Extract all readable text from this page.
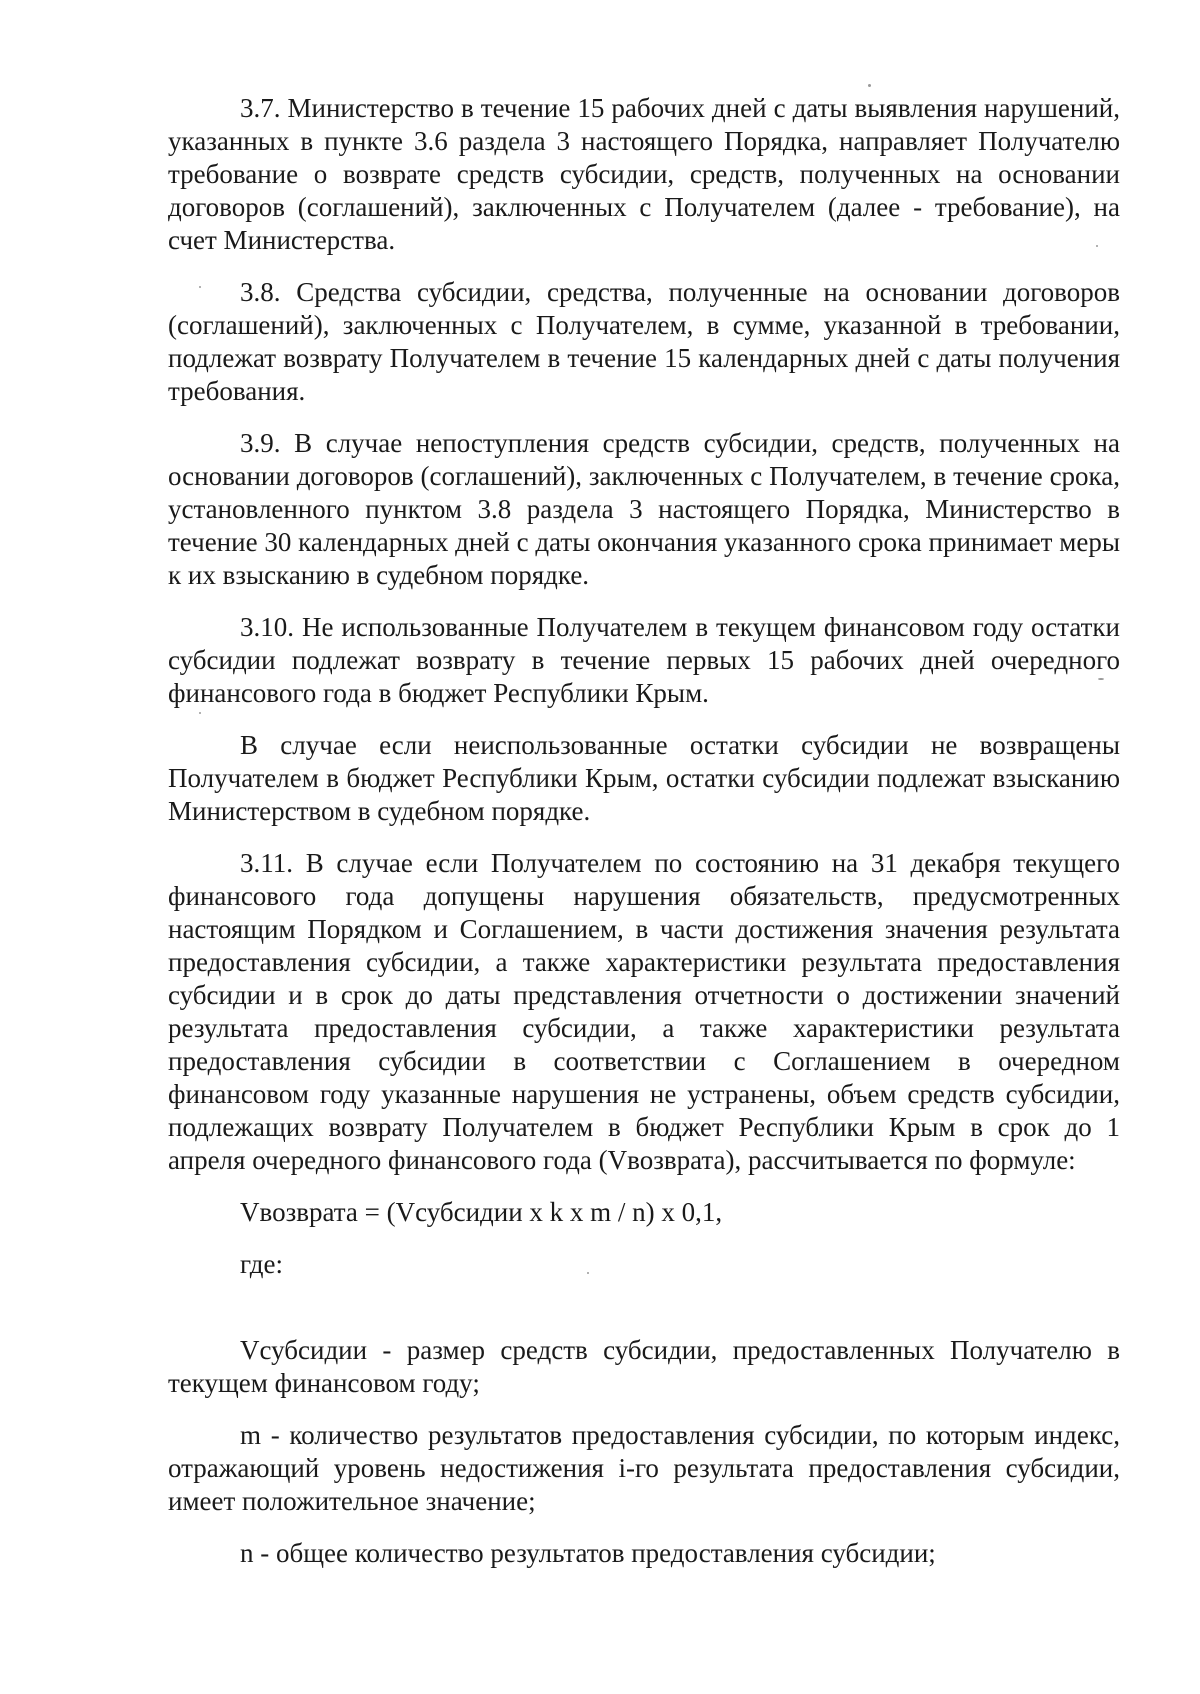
3.7. Министерство в течение 15 рабочих дней с даты выявления нарушений, указанных в пункте 3.6 раздела 3 настоящего Порядка, направляет Получателю требование о возврате средств субсидии, средств, полученных на основании договоров (соглашений), заключенных с Получателем (далее - требование), на счет Министерства.

3.8. Средства субсидии, средства, полученные на основании договоров (соглашений), заключенных с Получателем, в сумме, указанной в требовании, подлежат возврату Получателем в течение 15 календарных дней с даты получения требования.

3.9. В случае непоступления средств субсидии, средств, полученных на основании договоров (соглашений), заключенных с Получателем, в течение срока, установленного пунктом 3.8 раздела 3 настоящего Порядка, Министерство в течение 30 календарных дней с даты окончания указанного срока принимает меры к их взысканию в судебном порядке.

3.10. Не использованные Получателем в текущем финансовом году остатки субсидии подлежат возврату в течение первых 15 рабочих дней очередного финансового года в бюджет Республики Крым.

В случае если неиспользованные остатки субсидии не возвращены Получателем в бюджет Республики Крым, остатки субсидии подлежат взысканию Министерством в судебном порядке.

3.11. В случае если Получателем по состоянию на 31 декабря текущего финансового года допущены нарушения обязательств, предусмотренных настоящим Порядком и Соглашением, в части достижения значения результата предоставления субсидии, а также характеристики результата предоставления субсидии и в срок до даты представления отчетности о достижении значений результата предоставления субсидии, а также характеристики результата предоставления субсидии в соответствии с Соглашением в очередном финансовом году указанные нарушения не устранены, объем средств субсидии, подлежащих возврату Получателем в бюджет Республики Крым в срок до 1 апреля очередного финансового года (Vвозврата), рассчитывается по формуле:

Vвозврата = (Vсубсидии x k x m / n) x 0,1,

где:

Vсубсидии - размер средств субсидии, предоставленных Получателю в текущем финансовом году;

m - количество результатов предоставления субсидии, по которым индекс, отражающий уровень недостижения i-го результата предоставления субсидии, имеет положительное значение;

n - общее количество результатов предоставления субсидии;
